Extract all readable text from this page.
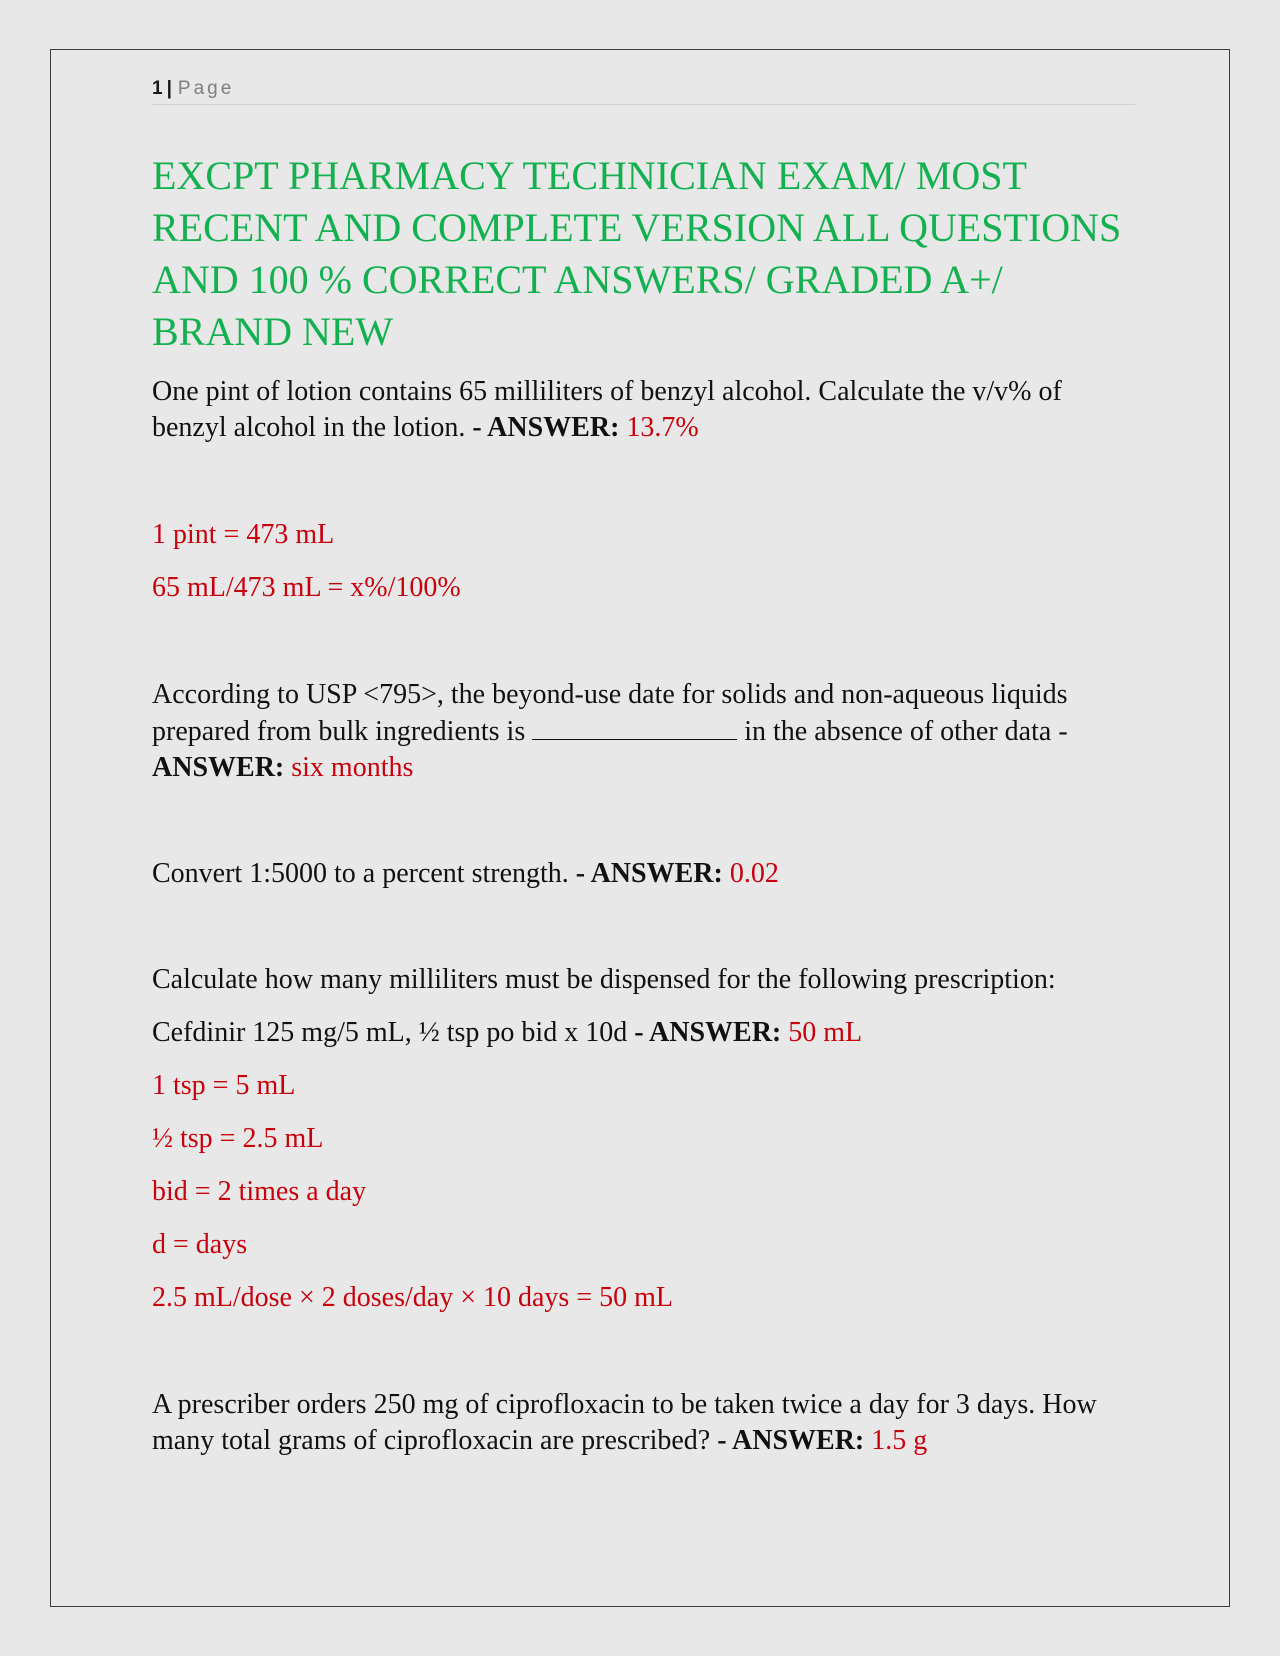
1 | Page
EXCPT PHARMACY TECHNICIAN EXAM/ MOST RECENT AND COMPLETE VERSION ALL QUESTIONS AND 100 % CORRECT ANSWERS/ GRADED A+/ BRAND NEW

One pint of lotion contains 65 milliliters of benzyl alcohol. Calculate the v/v% of benzyl alcohol in the lotion. - ANSWER: 13.7%

1 pint = 473 mL

65 mL/473 mL = x%/100%

According to USP <795>, the beyond-use date for solids and non-aqueous liquids prepared from bulk ingredients is	in the absence of other data - ANSWER: six months

Convert 1:5000 to a percent strength. - ANSWER: 0.02

Calculate how many milliliters must be dispensed for the following prescription:

Cefdinir 125 mg/5 mL, ½ tsp po bid x 10d - ANSWER: 50 mL

1 tsp = 5 mL

½ tsp = 2.5 mL

bid = 2 times a day

d = days

2.5 mL/dose × 2 doses/day × 10 days = 50 mL

A prescriber orders 250 mg of ciprofloxacin to be taken twice a day for 3 days. How many total grams of ciprofloxacin are prescribed? - ANSWER: 1.5 g
